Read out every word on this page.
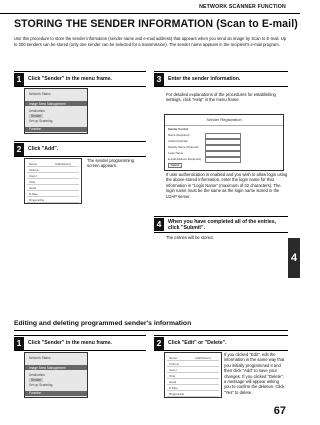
NETWORK SCANNER FUNCTION
STORING THE SENDER INFORMATION (Scan to E-mail)

Use this procedure to store the sender information (sender name and e-mail address) that appears when you send an image by Scan to E-mail. Up to 200 senders can be stored (only one sender can be selected for a transmission). The sender name appears in the recipient's e-mail program.

1	Click "Sender" in the menu frame.
Network Status
Image Send Management
Destination
Sender
Set up Scanning
Function
2	Click "Add".
Name	Addr(Rows)
ChinoA
UseU
Chie
Hana
D.Meo
Ringanidrie

The sender programming screen appears.

3	Enter the sender information.

For detailed explanations of the procedures for establishing settings, click "Help" in the menu frame.

Sender Registration
Sender Control
Name (Required)
Initial (Optional)
Display Name (Optional)
Login Name
E-mail Address (Required)
Submit

If user authentication is enabled and you wish to allow login using the above stored information, enter the login name for that information in "Login Name" (maximum of 32 characters). The login name must be the same as the login name stored in the LDAP server.

4	When you have completed all of the entries, click "Submit".

The entries will be stored.

Editing and deleting programmed sender's information
1	Click "Sender" in the menu frame.
Network Status
Image Send Management
Destination
Sender
Set up Scanning
Function
2	Click "Edit" or "Delete".
Name	Addr(Rows)
ChinoA
UseU
Chie
Hana
D.Meo
Ringanidrie

If you clicked "Edit", edit the information in the same way that you initially programmed it and then click "Add" to save your changes. If you clicked "Delete", a message will appear asking you to confirm the deletion. Click "Yes" to delete.

4
67
